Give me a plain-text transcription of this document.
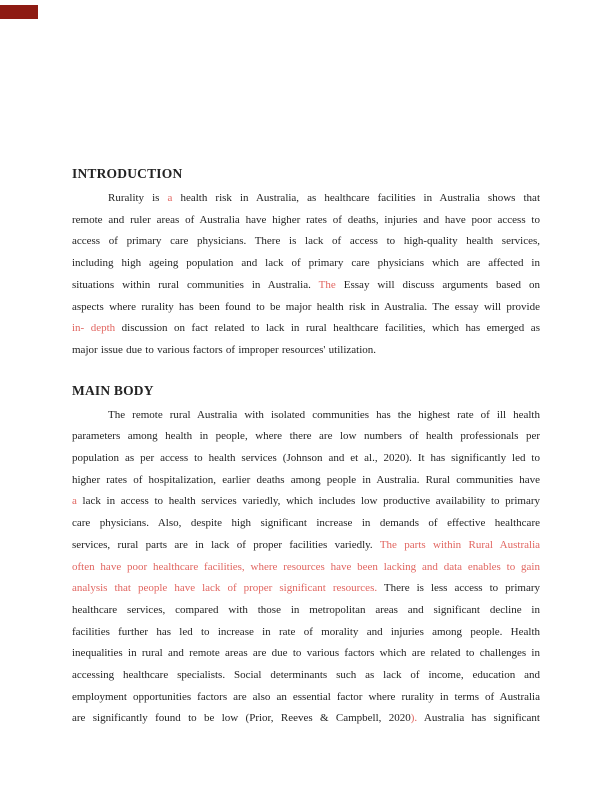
INTRODUCTION
Rurality is a health risk in Australia, as healthcare facilities in Australia shows that
remote and ruler areas of Australia have higher rates of deaths, injuries and have poor access to
access of primary care physicians. There is lack of access to high-quality health services,
including high ageing population and lack of primary care physicians which are affected in
situations within rural communities in Australia. The Essay will discuss arguments based on
aspects where rurality has been found to be major health risk in Australia. The essay will provide
in- depth discussion on fact related to lack in rural healthcare facilities, which has emerged as
major issue due to various factors of improper resources' utilization.
MAIN BODY
The remote rural Australia with isolated communities has the highest rate of ill health
parameters among health in people, where there are low numbers of health professionals per
population as per access to health services (Johnson and et al., 2020). It has significantly led to
higher rates of hospitalization, earlier deaths among people in Australia. Rural communities have
a lack in access to health services variedly, which includes low productive availability to primary
care physicians. Also, despite high significant increase in demands of effective healthcare
services, rural parts are in lack of proper facilities variedly. The parts within Rural Australia
often have poor healthcare facilities, where resources have been lacking and data enables to gain
analysis that people have lack of proper significant resources. There is less access to primary
healthcare services, compared with those in metropolitan areas and significant decline in
facilities further has led to increase in rate of morality and injuries among people. Health
inequalities in rural and remote areas are due to various factors which are related to challenges in
accessing healthcare specialists. Social determinants such as lack of income, education and
employment opportunities factors are also an essential factor where rurality in terms of Australia
are significantly found to be low (Prior, Reeves & Campbell, 2020). Australia has significant
